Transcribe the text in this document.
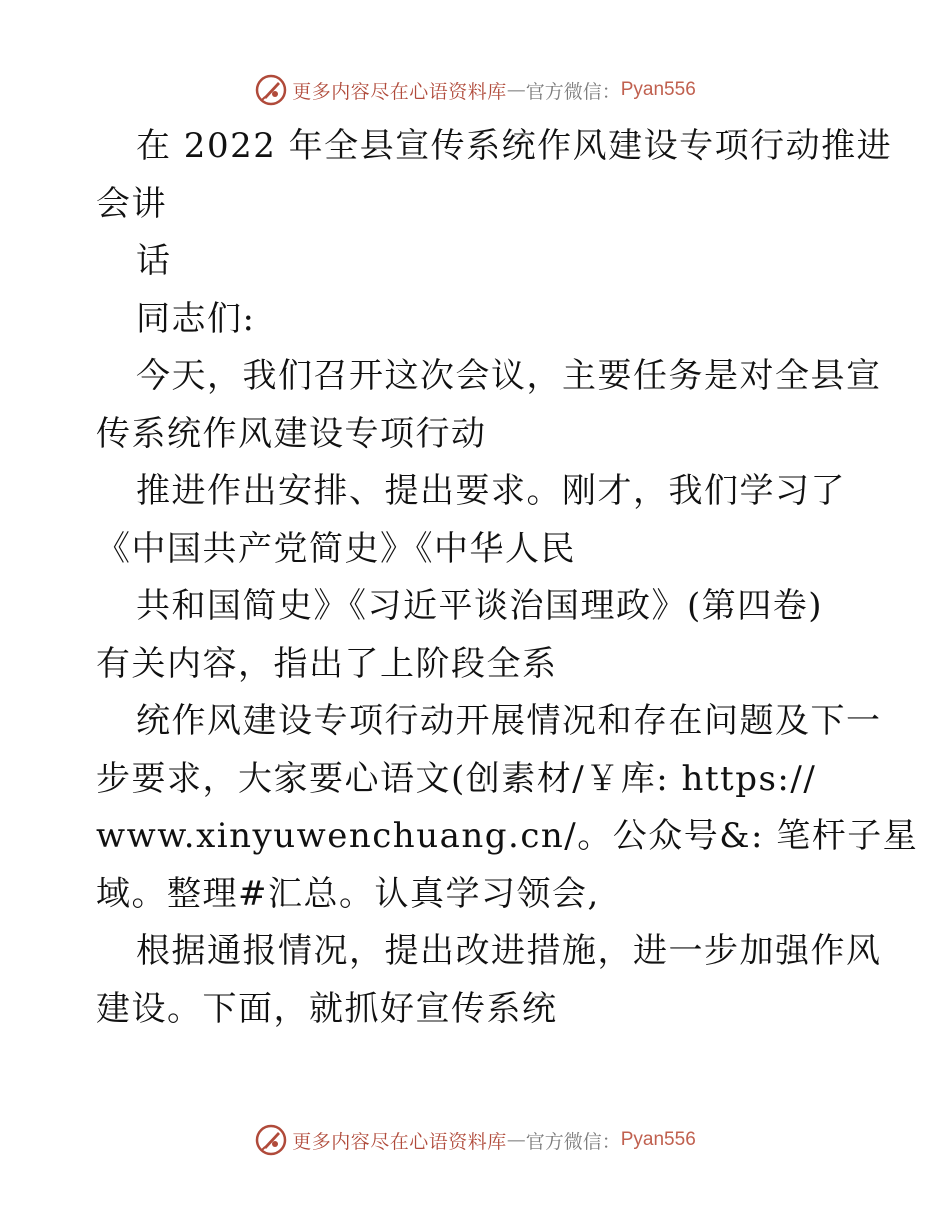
更多内容尽在心语资料库 — 官方微信： Pyan556
在 2022 年全县宣传系统作风建设专项行动推进
会讲
话
同志们:
今天，我们召开这次会议，主要任务是对全县宣
传系统作风建设专项行动
推进作出安排、提出要求。刚才，我们学习了
《中国共产党简史》《中华人民
共和国简史》《习近平谈治国理政》(第四卷)
有关内容，指出了上阶段全系
统作风建设专项行动开展情况和存在问题及下一
步要求，大家要心语文(创素材/￥库: https://
www.xinyuwenchuang.cn/。公众号&: 笔杆子星
域。整理#汇总。认真学习领会,
根据通报情况，提出改进措施，进一步加强作风
建设。下面，就抓好宣传系统
更多内容尽在心语资料库 — 官方微信： Pyan556
